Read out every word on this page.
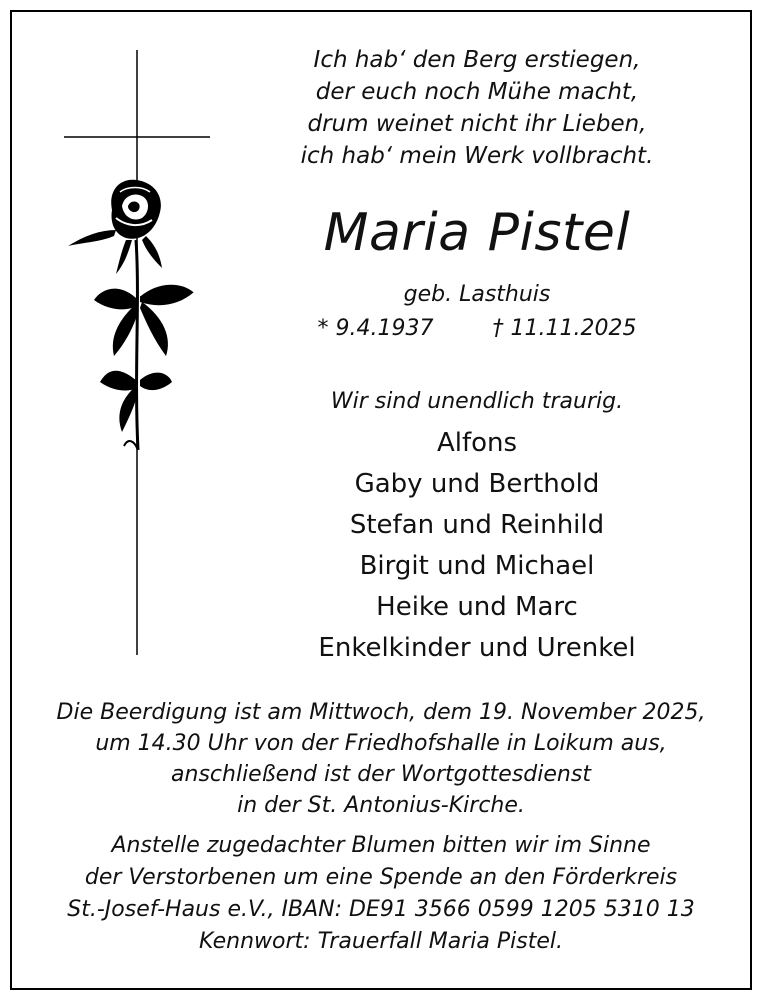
Ich hab‘ den Berg erstiegen,
der euch noch Mühe macht,
drum weinet nicht ihr Lieben,
ich hab‘ mein Werk vollbracht.
Maria Pistel
geb. Lasthuis
* 9.4.1937	† 11.11.2025
Wir sind unendlich traurig.
Alfons
Gaby und Berthold
Stefan und Reinhild
Birgit und Michael
Heike und Marc
Enkelkinder und Urenkel
Die Beerdigung ist am Mittwoch, dem 19. November 2025,
um 14.30 Uhr von der Friedhofshalle in Loikum aus,
anschließend ist der Wortgottesdienst
in der St. Antonius-Kirche.
Anstelle zugedachter Blumen bitten wir im Sinne
der Verstorbenen um eine Spende an den Förderkreis
St.-Josef-Haus e.V., IBAN: DE91 3566 0599 1205 5310 13
Kennwort: Trauerfall Maria Pistel.
